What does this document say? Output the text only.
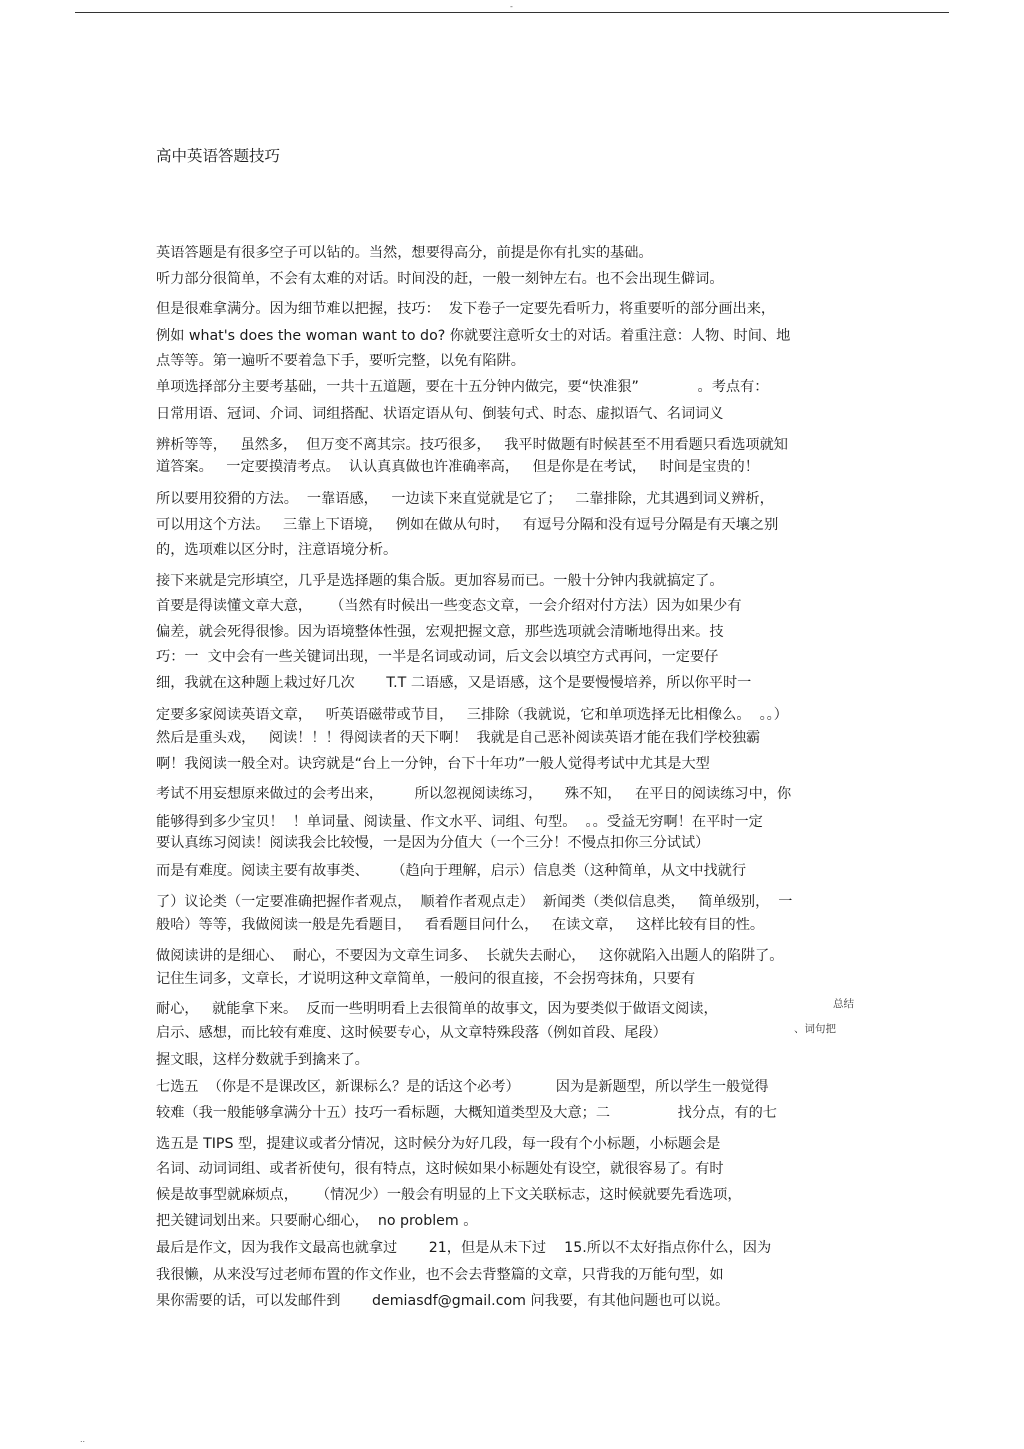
-
高中英语答题技巧
英语答题是有很多空子可以钻的。当然，想要得高分，前提是你有扎实的基础。
听力部分很简单，不会有太难的对话。时间没的赶，一般一刻钟左右。也不会出现生僻词。
但是很难拿满分。因为细节难以把握，技巧：  发下卷子一定要先看听力，将重要听的部分画出来，
例如 what's does the woman want to do? 你就要注意听女士的对话。着重注意：人物、时间、地
点等等。第一遍听不要着急下手，要听完整，以免有陷阱。
单项选择部分主要考基础，一共十五道题，要在十五分钟内做完，要“快准狠”             。考点有：
日常用语、冠词、介词、词组搭配、状语定语从句、倒装句式、时态、虚拟语气、名词词义
辨析等等，   虽然多，  但万变不离其宗。技巧很多，   我平时做题有时候甚至不用看题只看选项就知
道答案。   一定要摸清考点。  认认真真做也许准确率高，   但是你是在考试，   时间是宝贵的！
所以要用狡猾的方法。  一靠语感，   一边读下来直觉就是它了；   二靠排除，尤其遇到词义辨析，
可以用这个方法。   三靠上下语境，   例如在做从句时，   有逗号分隔和没有逗号分隔是有天壤之别
的，选项难以区分时，注意语境分析。
接下来就是完形填空，几乎是选择题的集合版。更加容易而已。一般十分钟内我就搞定了。
首要是得读懂文章大意，    （当然有时候出一些变态文章，一会介绍对付方法）因为如果少有
偏差，就会死得很惨。因为语境整体性强，宏观把握文意，那些选项就会清晰地得出来。技
巧：一  文中会有一些关键词出现，一半是名词或动词，后文会以填空方式再问，一定要仔
细，我就在这种题上栽过好几次       T.T 二语感，又是语感，这个是要慢慢培养，所以你平时一
定要多家阅读英语文章，   听英语磁带或节目，   三排除（我就说，它和单项选择无比相像么。  。。）
然后是重头戏，   阅读！！！得阅读者的天下啊！  我就是自己恶补阅读英语才能在我们学校独霸
啊！我阅读一般全对。诀窍就是“台上一分钟，台下十年功”一般人觉得考试中尤其是大型
考试不用妄想原来做过的会考出来，       所以忽视阅读练习，     殊不知，   在平日的阅读练习中，你
能够得到多少宝贝！  ！单词量、阅读量、作文水平、词组、句型。  。。受益无穷啊！在平时一定
要认真练习阅读！阅读我会比较慢，一是因为分值大（一个三分！不慢点扣你三分试试）
而是有难度。阅读主要有故事类、     （趋向于理解，启示）信息类（这种简单，从文中找就行
了）议论类（一定要准确把握作者观点，  顺着作者观点走）  新闻类（类似信息类，   简单级别，  一
般哈）等等，我做阅读一般是先看题目，   看看题目问什么，   在读文章，   这样比较有目的性。
做阅读讲的是细心、  耐心，不要因为文章生词多、  长就失去耐心，   这你就陷入出题人的陷阱了。
记住生词多，文章长，才说明这种文章简单，一般问的很直接，不会拐弯抹角，只要有
耐心，   就能拿下来。  反而一些明明看上去很简单的故事文，因为要类似于做语文阅读，
启示、感想，而比较有难度、这时候要专心，从文章特殊段落（例如首段、尾段）
握文眼，这样分数就手到擒来了。
七选五  （你是不是课改区，新课标么？是的话这个必考）        因为是新题型，所以学生一般觉得
较难（我一般能够拿满分十五）技巧一看标题，大概知道类型及大意；二               找分点，有的七
选五是 TIPS 型，提建议或者分情况，这时候分为好几段，每一段有个小标题，小标题会是
名词、动词词组、或者祈使句，很有特点，这时候如果小标题处有设空，就很容易了。有时
候是故事型就麻烦点，    （情况少）一般会有明显的上下文关联标志，这时候就要先看选项，
把关键词划出来。只要耐心细心，  no problem 。
最后是作文，因为我作文最高也就拿过       21，但是从未下过    15.所以不太好指点你什么，因为
我很懒，从来没写过老师布置的作文作业，也不会去背整篇的文章，只背我的万能句型，如
果你需要的话，可以发邮件到       demiasdf@gmail.com 问我要，有其他问题也可以说。
总结
、词句把
..
